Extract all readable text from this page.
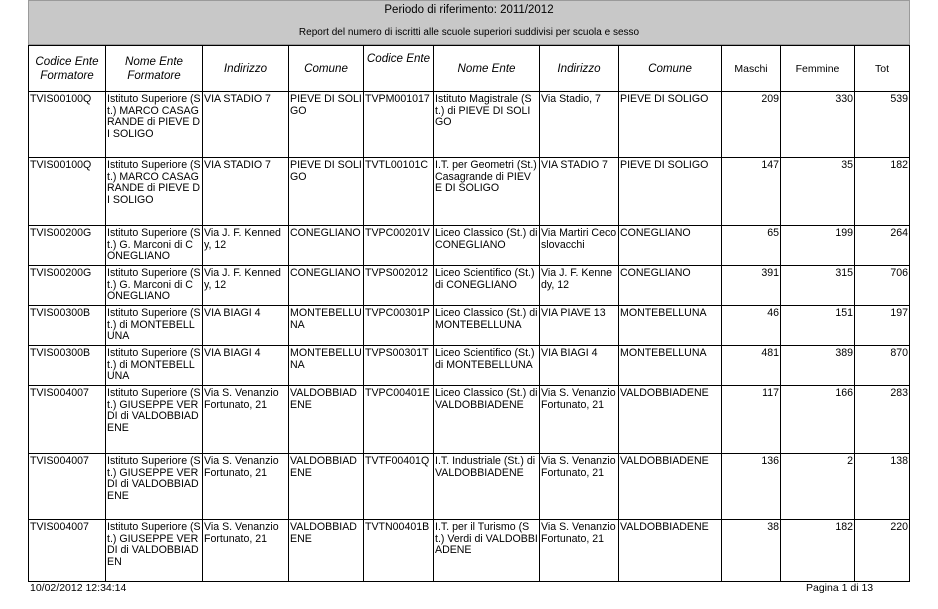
Periodo di riferimento: 2011/2012
Report del numero di iscritti alle scuole superiori suddivisi per scuola e sesso
Codice Ente Formatore	Nome Ente Formatore	Indirizzo	Comune	Codice Ente	Nome Ente	Indirizzo	Comune	Maschi	Femmine	Tot
TVIS00100Q	Istituto Superiore (St.) MARCO CASAGRANDE di PIEVE DI SOLIGO	VIA STADIO 7	PIEVE DI SOLIGO	TVPM001017	Istituto Magistrale (St.) di PIEVE DI SOLIGO	Via Stadio, 7	PIEVE DI SOLIGO	209	330	539
TVIS00100Q	Istituto Superiore (St.) MARCO CASAGRANDE di PIEVE DI SOLIGO	VIA STADIO 7	PIEVE DI SOLIGO	TVTL00101C	I.T. per Geometri (St.) Casagrande di PIEVE DI SOLIGO	VIA STADIO 7	PIEVE DI SOLIGO	147	35	182
TVIS00200G	Istituto Superiore (St.) G. Marconi di CONEGLIANO	Via J. F. Kennedy, 12	CONEGLIANO	TVPC00201V	Liceo Classico (St.) di CONEGLIANO	Via Martiri Cecoslovacchi	CONEGLIANO	65	199	264
TVIS00200G	Istituto Superiore (St.) G. Marconi di CONEGLIANO	Via J. F. Kennedy, 12	CONEGLIANO	TVPS002012	Liceo Scientifico (St.) di CONEGLIANO	Via J. F. Kennedy, 12	CONEGLIANO	391	315	706
TVIS00300B	Istituto Superiore (St.) di MONTEBELLUNA	VIA BIAGI 4	MONTEBELLUNA	TVPC00301P	Liceo Classico (St.) di MONTEBELLUNA	VIA PIAVE 13	MONTEBELLUNA	46	151	197
TVIS00300B	Istituto Superiore (St.) di MONTEBELLUNA	VIA BIAGI 4	MONTEBELLUNA	TVPS00301T	Liceo Scientifico (St.) di MONTEBELLUNA	VIA BIAGI 4	MONTEBELLUNA	481	389	870
TVIS004007	Istituto Superiore (St.) GIUSEPPE VERDI di VALDOBBIADENE	Via S. Venanzio Fortunato, 21	VALDOBBIADENE	TVPC00401E	Liceo Classico (St.) di VALDOBBIADENE	Via S. Venanzio Fortunato, 21	VALDOBBIADENE	117	166	283
TVIS004007	Istituto Superiore (St.) GIUSEPPE VERDI di VALDOBBIADENE	Via S. Venanzio Fortunato, 21	VALDOBBIADENE	TVTF00401Q	I.T. Industriale (St.) di VALDOBBIADENE	Via S. Venanzio Fortunato, 21	VALDOBBIADENE	136	2	138
TVIS004007	Istituto Superiore (St.) GIUSEPPE VERDI di VALDOBBIADEN	Via S. Venanzio Fortunato, 21	VALDOBBIADENE	TVTN00401B	I.T. per il Turismo (St.) Verdi di VALDOBBIADENE	Via S. Venanzio Fortunato, 21	VALDOBBIADENE	38	182	220
10/02/2012 12:34:14	Pagina 1 di 13
